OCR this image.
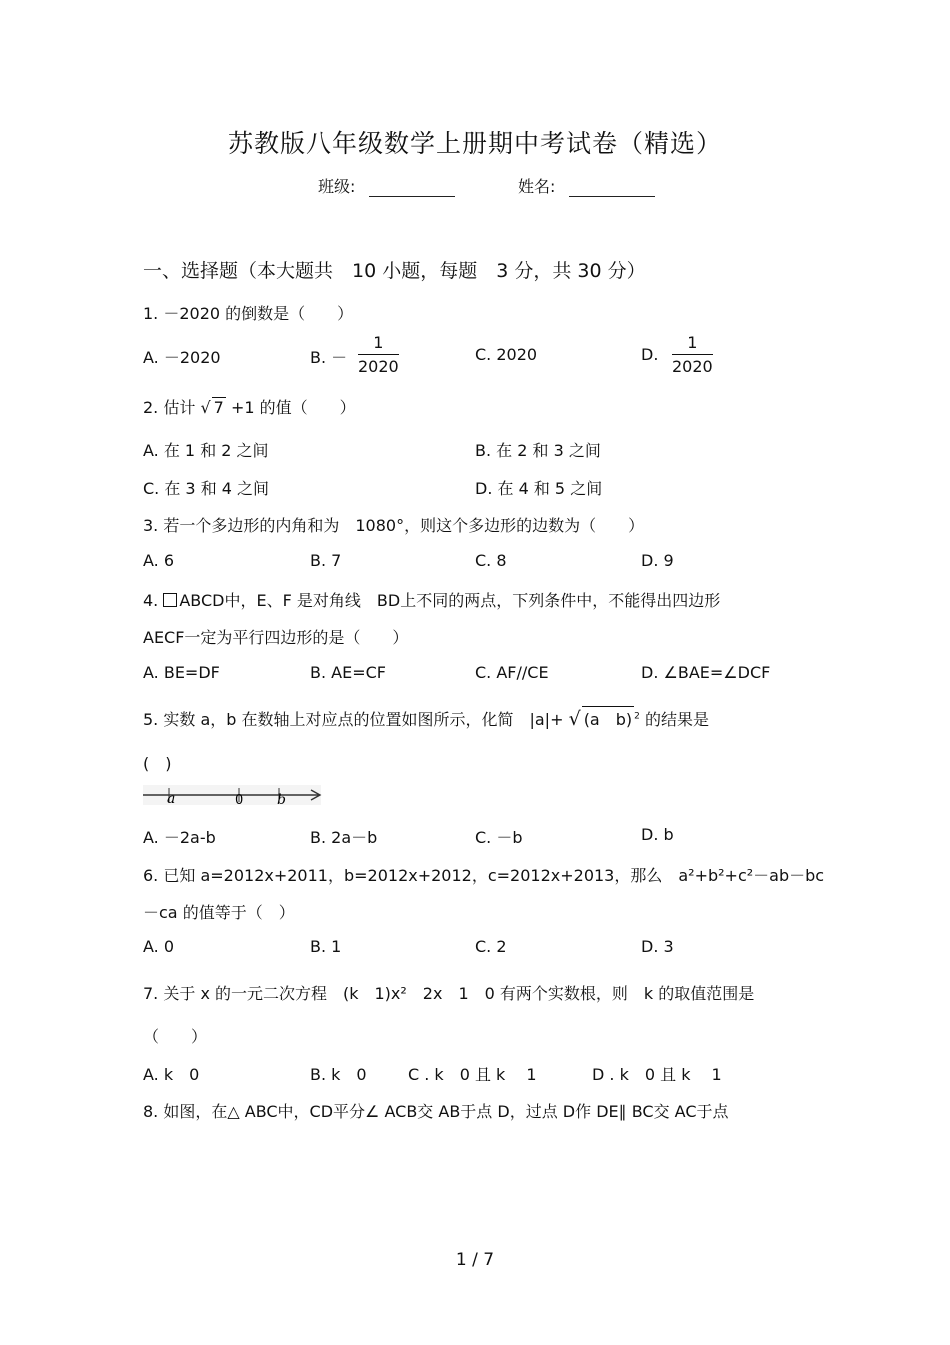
苏教版八年级数学上册期中考试卷（精选）
班级:	姓名:
一、选择题（本大题共　10 小题，每题　3 分，共 30 分）
1. －2020 的倒数是（　　）
A. －2020	B. － $\frac{1}{2020}$	C. 2020	D. $\frac{1}{2020}$
2. 估计 √ 7 +1 的值（　　）
A. 在 1 和 2 之间	B. 在 2 和 3 之间
C. 在 3 和 4 之间	D. 在 4 和 5 之间
3. 若一个多边形的内角和为　1080°，则这个多边形的边数为（　　）
A. 6	B. 7	C. 8	D. 9
4. ABCD中，E、F 是对角线　BD上不同的两点，下列条件中，不能得出四边形
AECF一定为平行四边形的是（　　）
A. BE=DF	B. AE=CF	C. AF//CE	D. ∠BAE=∠DCF
5. 实数 a，b 在数轴上对应点的位置如图所示，化简　|a|+ √ (a　b) $^2$ 的结果是
(　)
a	0 b
A. －2a-b	B. 2a－b	C. －b	D. b
6. 已知 a=2012x+2011，b=2012x+2012，c=2012x+2013，那么　a²+b²+c²－ab－bc
－ca 的值等于（　）
A. 0	B. 1	C. 2	D. 3
7. 关于 x 的一元二次方程　(k　1)x²　2x　1　0 有两个实数根，则　k 的取值范围是
（　　）
A. k　0	B. k　0	C . k　0 且 k　 1	D . k　0 且 k　 1
8. 如图，在△ ABC中，CD平分∠ ACB交 AB于点 D，过点 D作 DE∥ BC交 AC于点
1 / 7
